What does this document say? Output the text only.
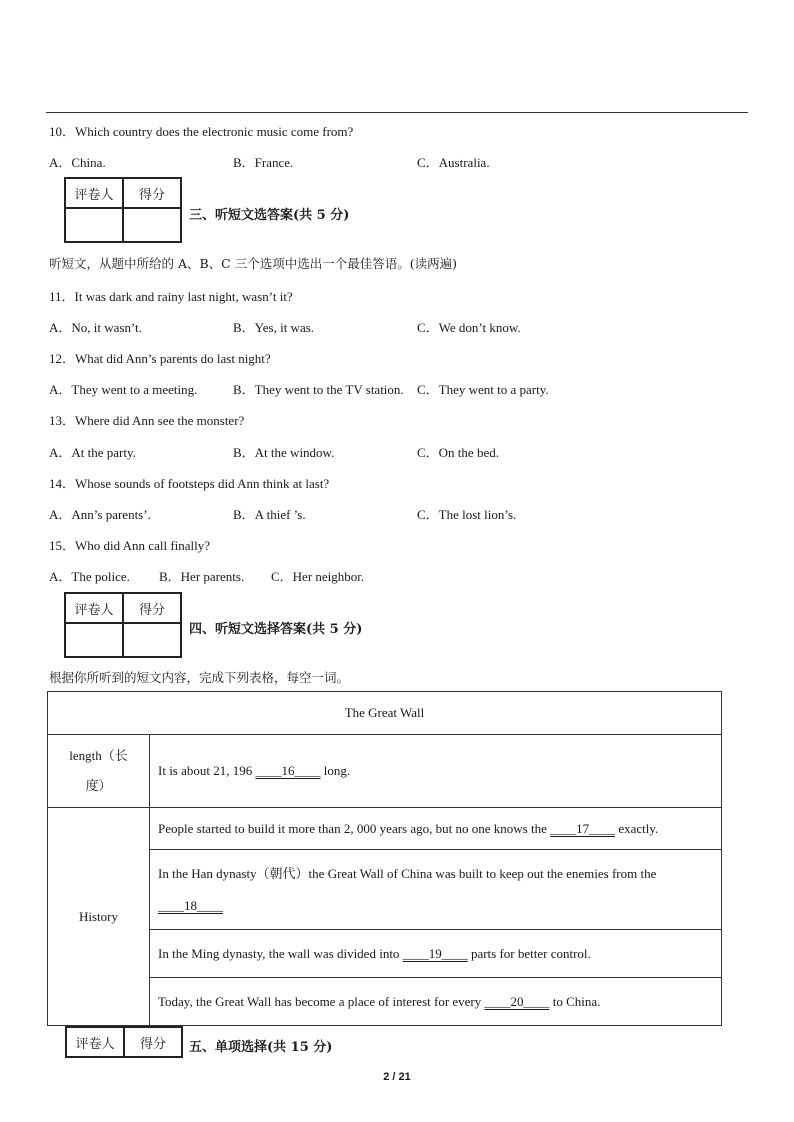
10．Which country does the electronic music come from?
A．China.	B．France.	C．Australia.
评卷人	得分

三、听短文选答案(共 5 分)
听短文，从题中所给的 A、B、C 三个选项中选出一个最佳答语。(读两遍)
11．It was dark and rainy last night, wasn’t it?
A．No, it wasn’t.	B．Yes, it was.	C．We don’t know.
12．What did Ann’s parents do last night?
A．They went to a meeting.	B．They went to the TV station. C．They went to a party.
13．Where did Ann see the monster?
A．At the party.	B．At the window.	C．On the bed.
14．Whose sounds of footsteps did Ann think at last?
A．Ann’s parents’.	B．A thief ’s.	C．The lost lion’s.
15．Who did Ann call finally?
A．The police. B．Her parents. C．Her neighbor.
评卷人	得分

四、听短文选择答案(共 5 分)
根据你所听到的短文内容，完成下列表格，每空一词。
The Great Wall	

length（长
度）	It is about 21, 196 ____16____ long.
History	People started to build it more than 2, 000 years ago, but no one knows the ____17____ exactly.

	In the Han dynasty（朝代）the Great Wall of China was built to keep out the enemies from the
____18____

	In the Ming dynasty, the wall was divided into ____19____ parts for better control.
	Today, the Great Wall has become a place of interest for every ____20____ to China.
评卷人	得分 五、单项选择(共 15 分)
2 / 21
